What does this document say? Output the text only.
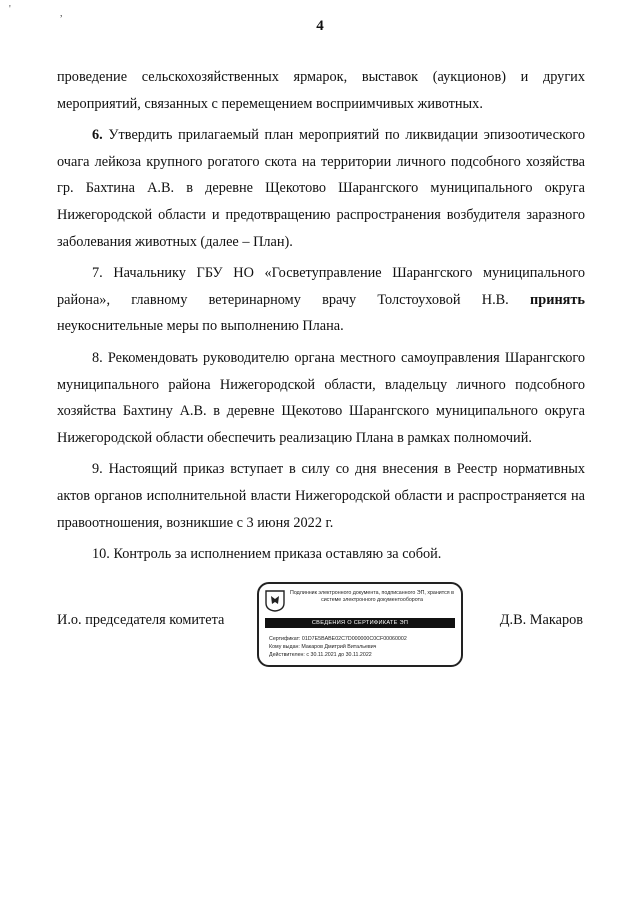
'	,
4

проведение сельскохозяйственных ярмарок, выставок (аукционов) и других мероприятий, связанных с перемещением восприимчивых животных.

6. Утвердить прилагаемый план мероприятий по ликвидации эпизоотического очага лейкоза крупного рогатого скота на территории личного подсобного хозяйства гр. Бахтина А.В. в деревне Щекотово Шарангского муниципального округа Нижегородской области и предотвращению распространения возбудителя заразного заболевания животных (далее – План).

7. Начальнику ГБУ НО «Госветуправление Шарангского муниципального района», главному ветеринарному врачу Толстоуховой Н.В. принять неукоснительные меры по выполнению Плана.

8. Рекомендовать руководителю органа местного самоуправления Шарангского муниципального района Нижегородской области, владельцу личного подсобного хозяйства Бахтину А.В. в деревне Щекотово Шарангского муниципального округа Нижегородской области обеспечить реализацию Плана в рамках полномочий.

9. Настоящий приказ вступает в силу со дня внесения в Реестр нормативных актов органов исполнительной власти Нижегородской области и распространяется на правоотношения, возникшие с 3 июня 2022 г.

10. Контроль за исполнением приказа оставляю за собой.

И.о. председателя комитета
Подлинник электронного документа, подписанного ЭП, хранится в системе электронного документооборота
СВЕДЕНИЯ О СЕРТИФИКАТЕ ЭП
Сертификат: 01D7E5BABE02C7D000000C0CF00060002
Кому выдан: Макаров Дмитрий Витальевич
Действителен: с 30.11.2021 до 30.11.2022
Д.В. Макаров
